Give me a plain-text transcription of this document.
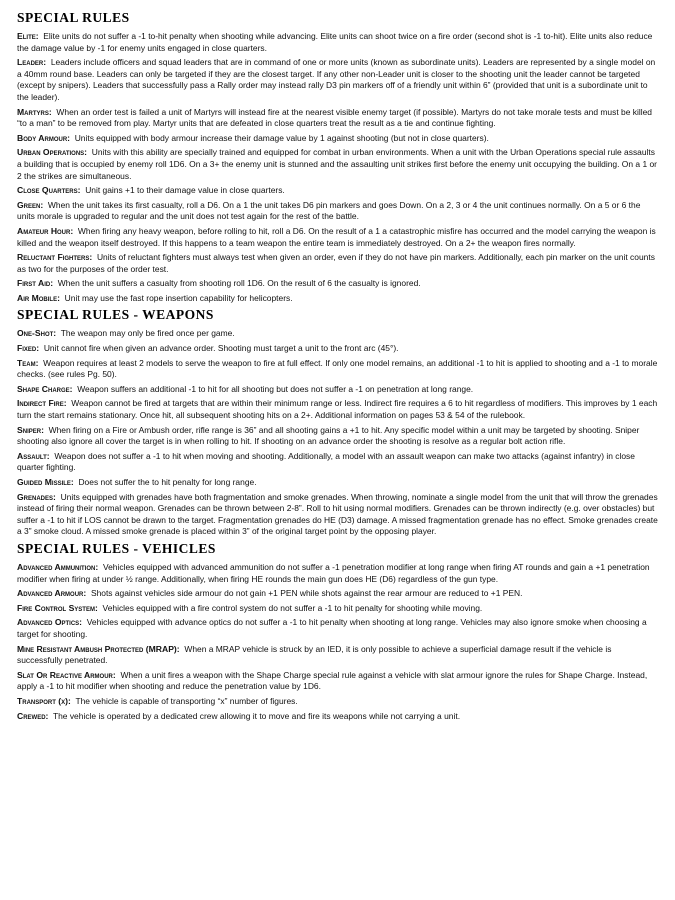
SPECIAL RULES

Elite: Elite units do not suffer a -1 to-hit penalty when shooting while advancing. Elite units can shoot twice on a fire order (second shot is -1 to-hit). Elite units also reduce the damage value by -1 for enemy units engaged in close quarters.

Leader: Leaders include officers and squad leaders that are in command of one or more units (known as subordinate units). Leaders are represented by a single model on a 40mm round base. Leaders can only be targeted if they are the closest target. If any other non-Leader unit is closer to the shooting unit the leader cannot be targeted (except by snipers). Leaders that successfully pass a Rally order may instead rally D3 pin markers off of a friendly unit within 6” (provided that unit is a subordinate unit to the leader).

Martyrs: When an order test is failed a unit of Martyrs will instead fire at the nearest visible enemy target (if possible). Martyrs do not take morale tests and must be killed “to a man” to be removed from play. Martyr units that are defeated in close quarters treat the result as a tie and continue fighting.

Body Armour: Units equipped with body armour increase their damage value by 1 against shooting (but not in close quarters).

Urban Operations: Units with this ability are specially trained and equipped for combat in urban environments. When a unit with the Urban Operations special rule assaults a building that is occupied by enemy roll 1D6. On a 3+ the enemy unit is stunned and the assaulting unit strikes first before the enemy unit occupying the building. On a 1 or 2 the strikes are simultaneous.

Close Quarters: Unit gains +1 to their damage value in close quarters.

Green: When the unit takes its first casualty, roll a D6. On a 1 the unit takes D6 pin markers and goes Down. On a 2, 3 or 4 the unit continues normally. On a 5 or 6 the units morale is upgraded to regular and the unit does not test again for the rest of the battle.

Amateur Hour: When firing any heavy weapon, before rolling to hit, roll a D6. On the result of a 1 a catastrophic misfire has occurred and the model carrying the weapon is killed and the weapon itself destroyed. If this happens to a team weapon the entire team is immediately destroyed. On a 2+ the weapon fires normally.

Reluctant Fighters: Units of reluctant fighters must always test when given an order, even if they do not have pin markers. Additionally, each pin marker on the unit counts as two for the purposes of the order test.

First Aid: When the unit suffers a casualty from shooting roll 1D6. On the result of 6 the casualty is ignored.

Air Mobile: Unit may use the fast rope insertion capability for helicopters.

SPECIAL RULES - WEAPONS

One-Shot: The weapon may only be fired once per game.

Fixed: Unit cannot fire when given an advance order. Shooting must target a unit to the front arc (45°).

Team: Weapon requires at least 2 models to serve the weapon to fire at full effect. If only one model remains, an additional -1 to hit is applied to shooting and a -1 to morale checks. (see rules Pg. 50).

Shape Charge: Weapon suffers an additional -1 to hit for all shooting but does not suffer a -1 on penetration at long range.

Indirect Fire: Weapon cannot be fired at targets that are within their minimum range or less. Indirect fire requires a 6 to hit regardless of modifiers. This improves by 1 each turn the start remains stationary. Once hit, all subsequent shooting hits on a 2+. Additional information on pages 53 & 54 of the rulebook.

Sniper: When firing on a Fire or Ambush order, rifle range is 36” and all shooting gains a +1 to hit. Any specific model within a unit may be targeted by shooting. Sniper shooting also ignore all cover the target is in when rolling to hit. If shooting on an advance order the shooting is resolve as a regular bolt action rifle.

Assault: Weapon does not suffer a -1 to hit when moving and shooting. Additionally, a model with an assault weapon can make two attacks (against infantry) in close quarter fighting.

Guided Missile: Does not suffer the to hit penalty for long range.

Grenades: Units equipped with grenades have both fragmentation and smoke grenades. When throwing, nominate a single model from the unit that will throw the grenades instead of firing their normal weapon. Grenades can be thrown between 2-8”. Roll to hit using normal modifiers. Grenades can be thrown indirectly (e.g. over obstacles) but suffer a -1 to hit if LOS cannot be drawn to the target. Fragmentation grenades do HE (D3) damage. A missed fragmentation grenade has no effect. Smoke grenades create a 3” smoke cloud. A missed smoke grenade is placed within 3” of the original target point by the opposing player.

SPECIAL RULES - VEHICLES

Advanced Ammunition: Vehicles equipped with advanced ammunition do not suffer a -1 penetration modifier at long range when firing AT rounds and gain a +1 penetration modifier when firing at under ½ range. Additionally, when firing HE rounds the main gun does HE (D6) regardless of the gun type.

Advanced Armour: Shots against vehicles side armour do not gain +1 PEN while shots against the rear armour are reduced to +1 PEN.

Fire Control System: Vehicles equipped with a fire control system do not suffer a -1 to hit penalty for shooting while moving.

Advanced Optics: Vehicles equipped with advance optics do not suffer a -1 to hit penalty when shooting at long range. Vehicles may also ignore smoke when choosing a target for shooting.

Mine Resistant Ambush Protected (MRAP): When a MRAP vehicle is struck by an IED, it is only possible to achieve a superficial damage result if the vehicle is successfully penetrated.

Slat Or Reactive Armour: When a unit fires a weapon with the Shape Charge special rule against a vehicle with slat armour ignore the rules for Shape Charge. Instead, apply a -1 to hit modifier when shooting and reduce the penetration value by 1D6.

Transport (x): The vehicle is capable of transporting “x” number of figures.

Crewed: The vehicle is operated by a dedicated crew allowing it to move and fire its weapons while not carrying a unit.
